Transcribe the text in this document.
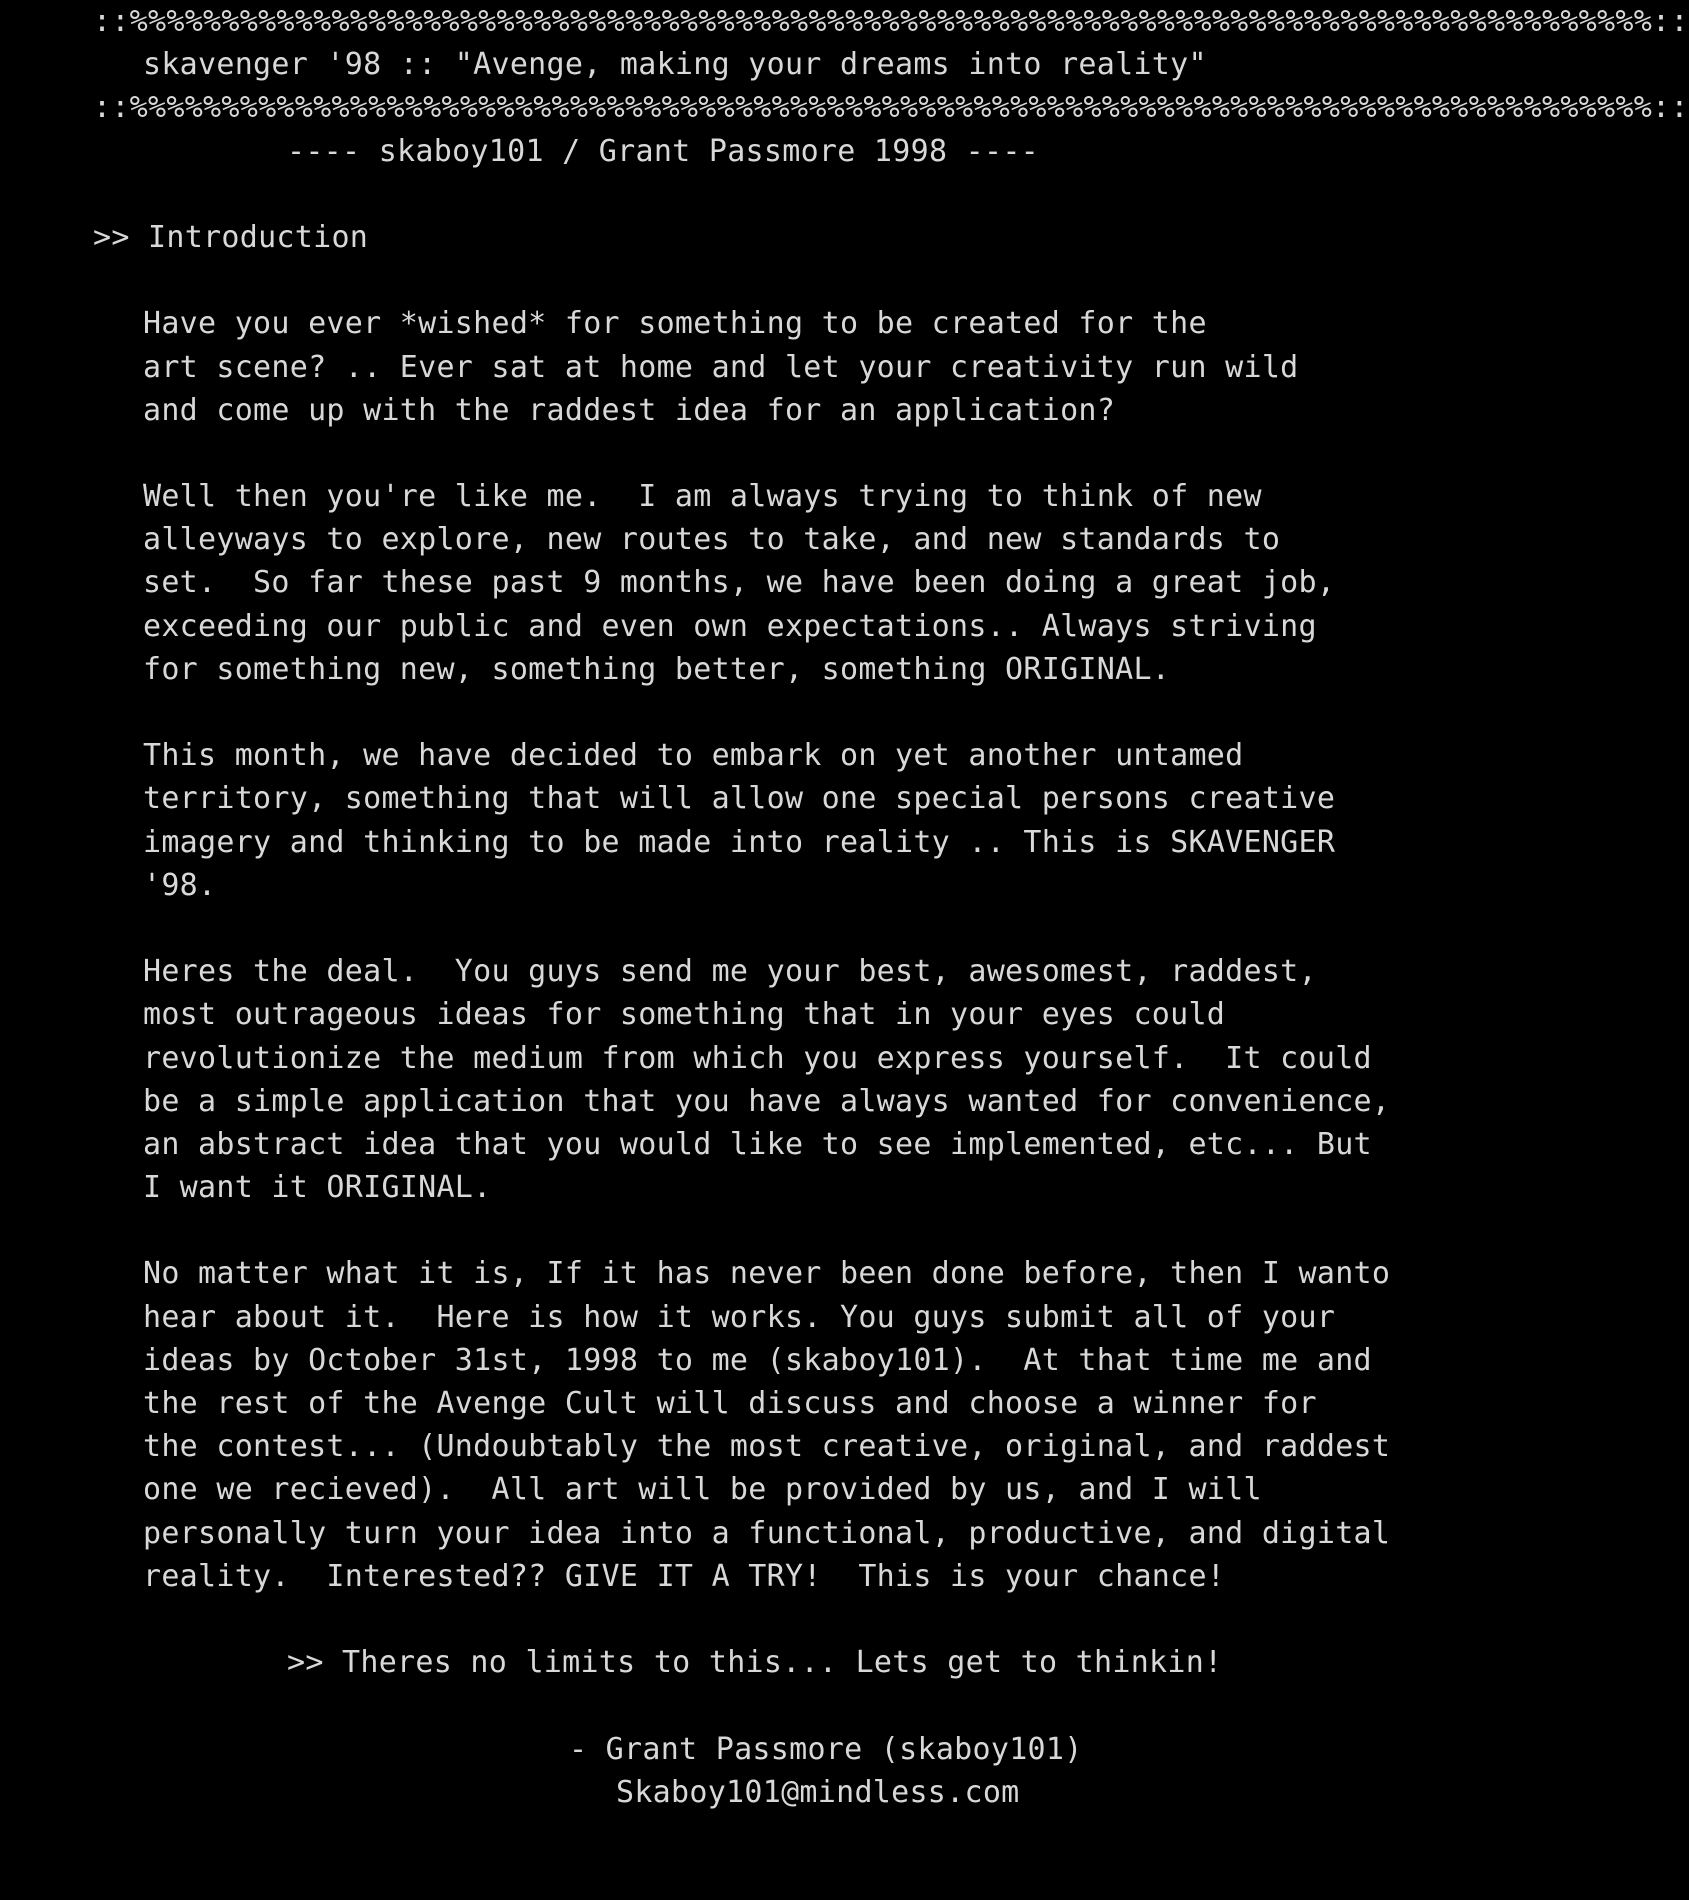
::%%%%%%%%%%%%%%%%%%%%%%%%%%%%%%%%%%%%%%%%%%%%%%%%%%%%%%%%%%%%%%%%%%%%%%%%%%%%%%%%%%%::
skavenger '98 :: "Avenge, making your dreams into reality"
::%%%%%%%%%%%%%%%%%%%%%%%%%%%%%%%%%%%%%%%%%%%%%%%%%%%%%%%%%%%%%%%%%%%%%%%%%%%%%%%%%%%::
---- skaboy101 / Grant Passmore 1998 ----
>> Introduction
Have you ever *wished* for something to be created for the
art scene? .. Ever sat at home and let your creativity run wild
and come up with the raddest idea for an application?
Well then you're like me.  I am always trying to think of new
alleyways to explore, new routes to take, and new standards to
set.  So far these past 9 months, we have been doing a great job,
exceeding our public and even own expectations.. Always striving
for something new, something better, something ORIGINAL.
This month, we have decided to embark on yet another untamed
territory, something that will allow one special persons creative
imagery and thinking to be made into reality .. This is SKAVENGER
'98.
Heres the deal.  You guys send me your best, awesomest, raddest,
most outrageous ideas for something that in your eyes could
revolutionize the medium from which you express yourself.  It could
be a simple application that you have always wanted for convenience,
an abstract idea that you would like to see implemented, etc... But
I want it ORIGINAL.
No matter what it is, If it has never been done before, then I wanto
hear about it.  Here is how it works. You guys submit all of your
ideas by October 31st, 1998 to me (skaboy101).  At that time me and
the rest of the Avenge Cult will discuss and choose a winner for
the contest... (Undoubtably the most creative, original, and raddest
one we recieved).  All art will be provided by us, and I will
personally turn your idea into a functional, productive, and digital
reality.  Interested?? GIVE IT A TRY!  This is your chance!
>> Theres no limits to this... Lets get to thinkin!
- Grant Passmore (skaboy101)
Skaboy101@mindless.com
